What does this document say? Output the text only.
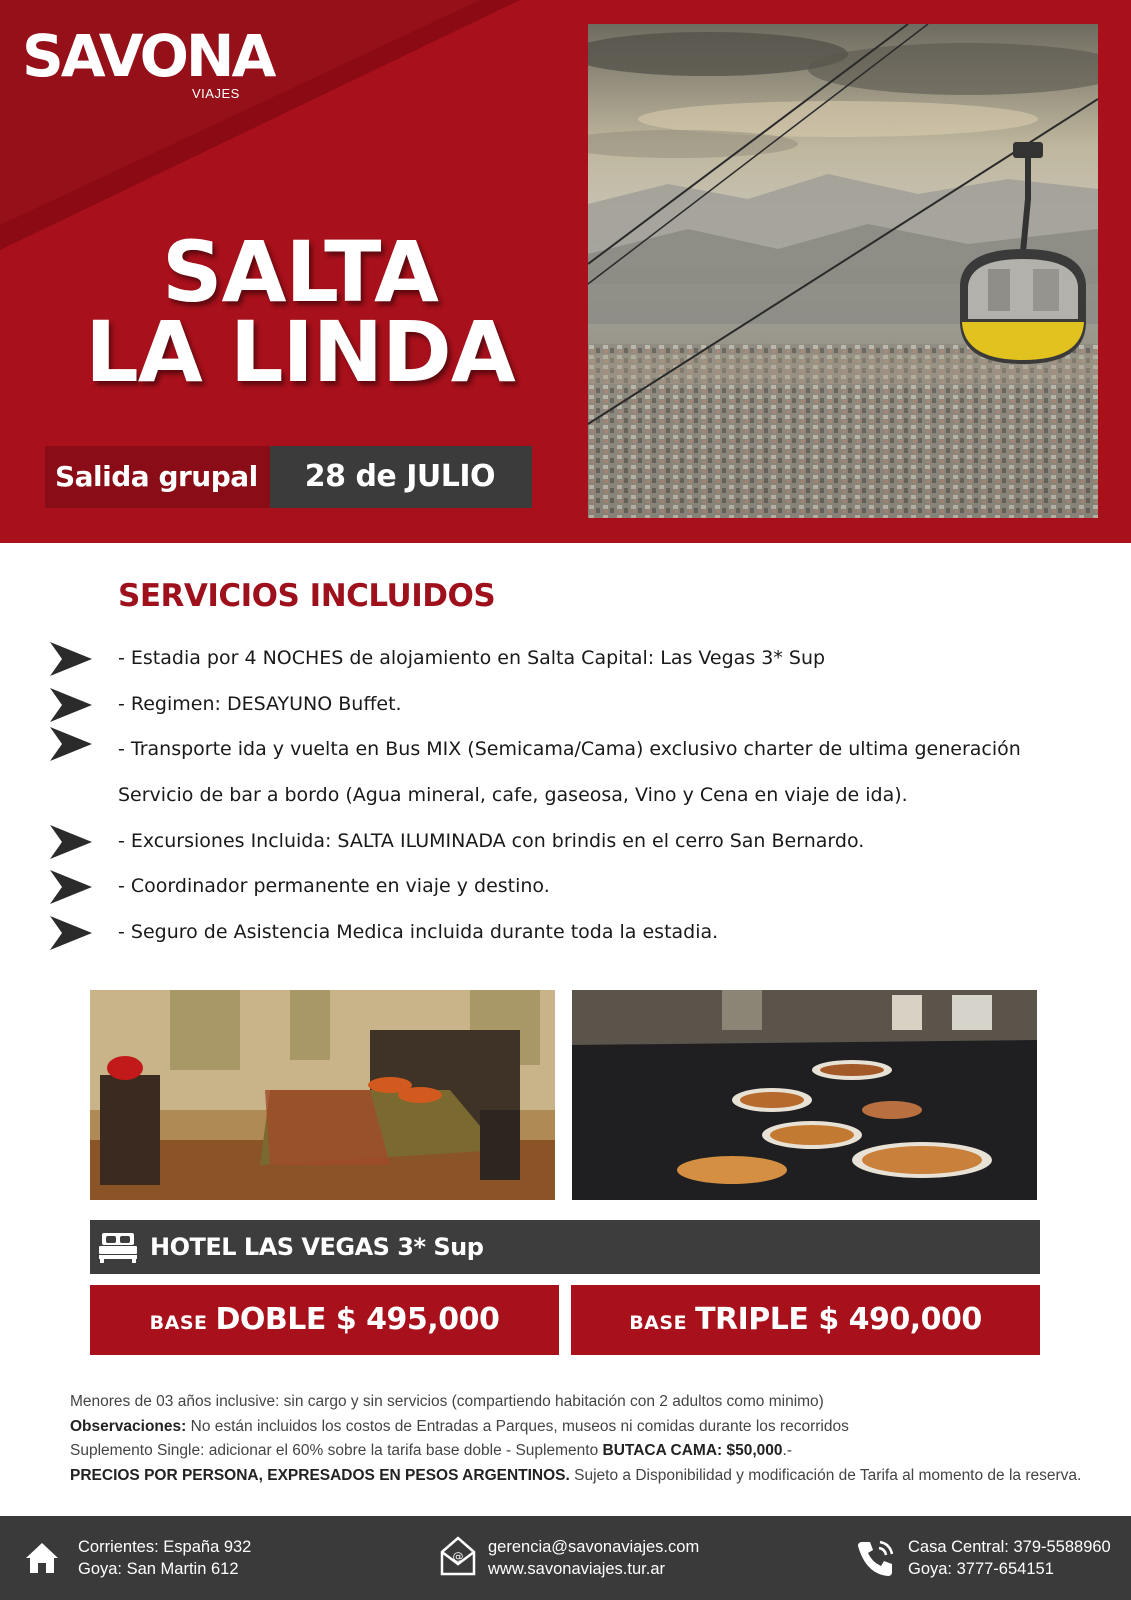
SAVONA
VIAJES
SALTA
LA LINDA
Salida grupal	28 de JULIO
SERVICIOS INCLUIDOS
- Estadia por 4 NOCHES de alojamiento en Salta Capital: Las Vegas 3* Sup
- Regimen: DESAYUNO Buffet.
- Transporte ida y vuelta en Bus MIX (Semicama/Cama) exclusivo charter de ultima generación
Servicio de bar a bordo (Agua mineral, cafe, gaseosa, Vino y Cena en viaje de ida).
- Excursiones Incluida: SALTA ILUMINADA con brindis en el cerro San Bernardo.
- Coordinador permanente en viaje y destino.
- Seguro de Asistencia Medica incluida durante toda la estadia.
HOTEL LAS VEGAS 3* Sup
BASE DOBLE $ 495,000	BASE TRIPLE $ 490,000
Menores de 03 años inclusive: sin cargo y sin servicios (compartiendo habitación con 2 adultos como minimo)
Observaciones: No están incluidos los costos de Entradas a Parques, museos ni comidas durante los recorridos
Suplemento Single: adicionar el 60% sobre la tarifa base doble - Suplemento BUTACA CAMA: $50,000.-
PRECIOS POR PERSONA, EXPRESADOS EN PESOS ARGENTINOS. Sujeto a Disponibilidad y modificación de Tarifa al momento de la reserva.
Corrientes: España 932
Goya: San Martin 612
@
gerencia@savonaviajes.com
www.savonaviajes.tur.ar
Casa Central: 379-5588960
Goya: 3777-654151
